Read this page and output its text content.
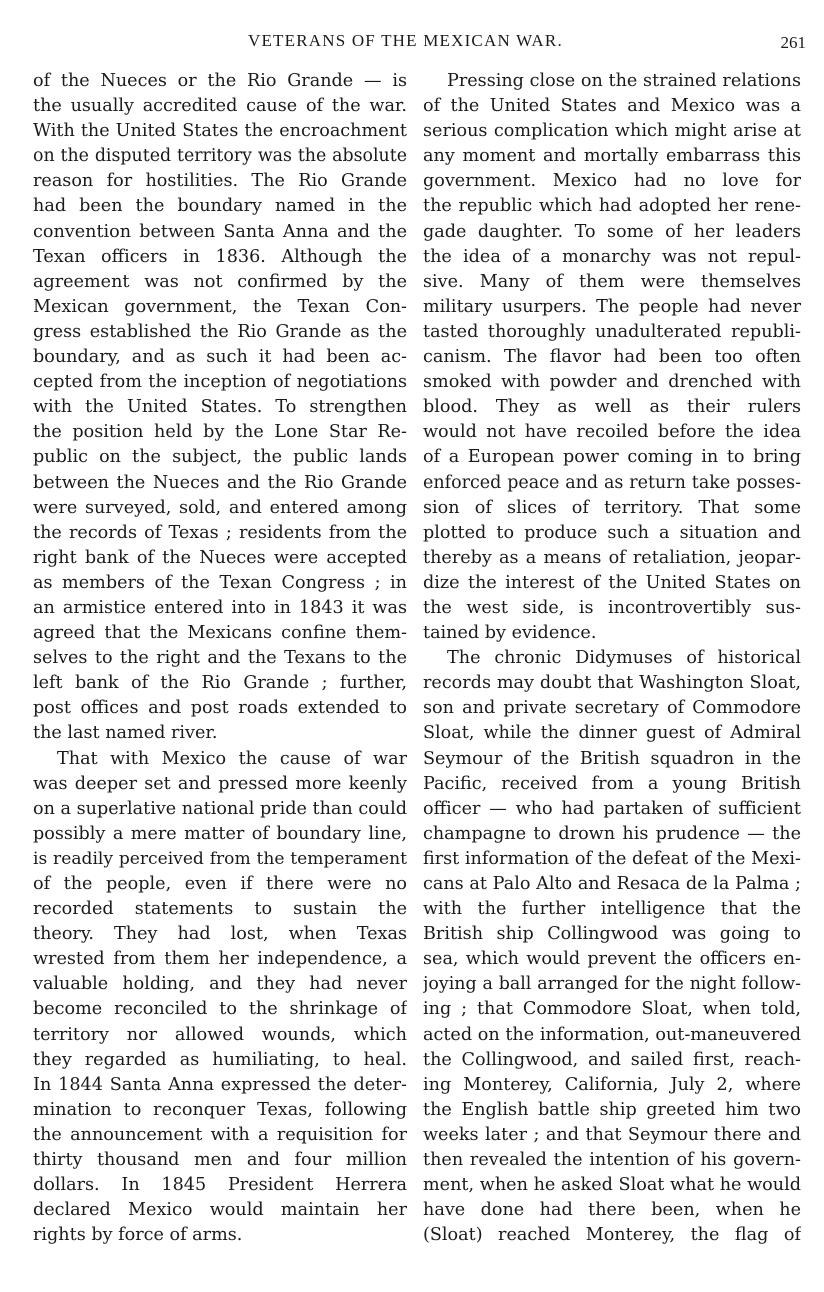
VETERANS OF THE MEXICAN WAR.	261
of the Nueces or the Rio Grande — is
the usually accredited cause of the war.
With the United States the encroachment
on the disputed territory was the absolute
reason for hostilities. The Rio Grande
had been the boundary named in the
convention between Santa Anna and the
Texan officers in 1836. Although the
agreement was not confirmed by the
Mexican government, the Texan Con-
gress established the Rio Grande as the
boundary, and as such it had been ac-
cepted from the inception of negotiations
with the United States. To strengthen
the position held by the Lone Star Re-
public on the subject, the public lands
between the Nueces and the Rio Grande
were surveyed, sold, and entered among
the records of Texas ; residents from the
right bank of the Nueces were accepted
as members of the Texan Congress ; in
an armistice entered into in 1843 it was
agreed that the Mexicans confine them-
selves to the right and the Texans to the
left bank of the Rio Grande ; further,
post offices and post roads extended to
the last named river.
That with Mexico the cause of war
was deeper set and pressed more keenly
on a superlative national pride than could
possibly a mere matter of boundary line,
is readily perceived from the temperament
of the people, even if there were no
recorded statements to sustain the
theory. They had lost, when Texas
wrested from them her independence, a
valuable holding, and they had never
become reconciled to the shrinkage of
territory nor allowed wounds, which
they regarded as humiliating, to heal.
In 1844 Santa Anna expressed the deter-
mination to reconquer Texas, following
the announcement with a requisition for
thirty thousand men and four million
dollars. In 1845 President Herrera
declared Mexico would maintain her
rights by force of arms.
Pressing close on the strained relations
of the United States and Mexico was a
serious complication which might arise at
any moment and mortally embarrass this
government. Mexico had no love for
the republic which had adopted her rene-
gade daughter. To some of her leaders
the idea of a monarchy was not repul-
sive. Many of them were themselves
military usurpers. The people had never
tasted thoroughly unadulterated republi-
canism. The flavor had been too often
smoked with powder and drenched with
blood. They as well as their rulers
would not have recoiled before the idea
of a European power coming in to bring
enforced peace and as return take posses-
sion of slices of territory. That some
plotted to produce such a situation and
thereby as a means of retaliation, jeopar-
dize the interest of the United States on
the west side, is incontrovertibly sus-
tained by evidence.
The chronic Didymuses of historical
records may doubt that Washington Sloat,
son and private secretary of Commodore
Sloat, while the dinner guest of Admiral
Seymour of the British squadron in the
Pacific, received from a young British
officer — who had partaken of sufficient
champagne to drown his prudence — the
first information of the defeat of the Mexi-
cans at Palo Alto and Resaca de la Palma ;
with the further intelligence that the
British ship Collingwood was going to
sea, which would prevent the officers en-
joying a ball arranged for the night follow-
ing ; that Commodore Sloat, when told,
acted on the information, out-maneuvered
the Collingwood, and sailed first, reach-
ing Monterey, California, July 2, where
the English battle ship greeted him two
weeks later ; and that Seymour there and
then revealed the intention of his govern-
ment, when he asked Sloat what he would
have done had there been, when he
(Sloat) reached Monterey, the flag of
